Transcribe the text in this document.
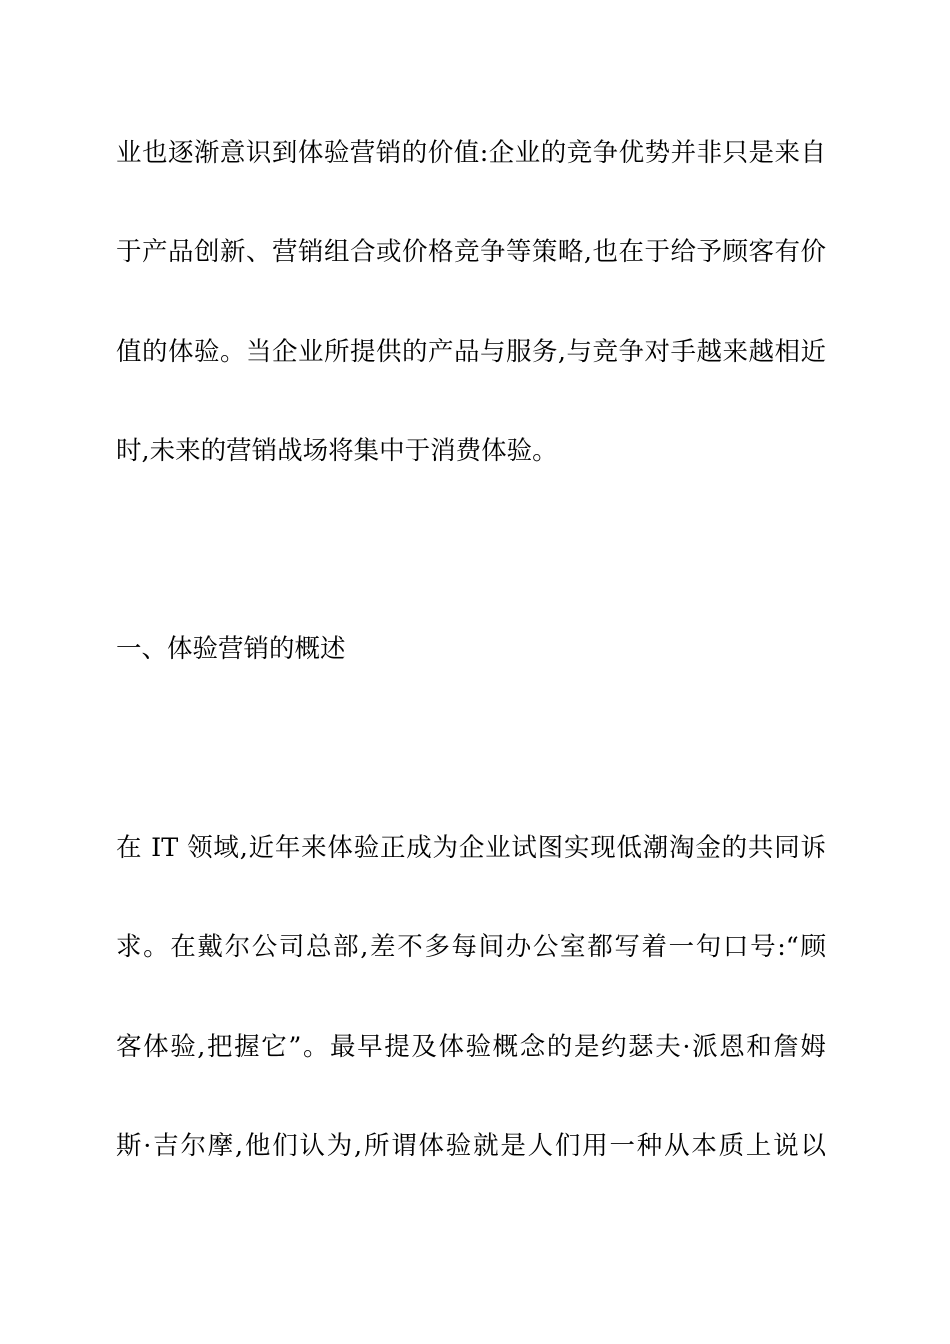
业也逐渐意识到体验营销的价值:企业的竞争优势并非只是来自
于产品创新、营销组合或价格竞争等策略,也在于给予顾客有价
值的体验。当企业所提供的产品与服务,与竞争对手越来越相近
时,未来的营销战场将集中于消费体验。
一、体验营销的概述
在 IT 领域,近年来体验正成为企业试图实现低潮淘金的共同诉
求。在戴尔公司总部,差不多每间办公室都写着一句口号:“顾
客体验,把握它”。最早提及体验概念的是约瑟夫·派恩和詹姆
斯·吉尔摩,他们认为,所谓体验就是人们用一种从本质上说以
